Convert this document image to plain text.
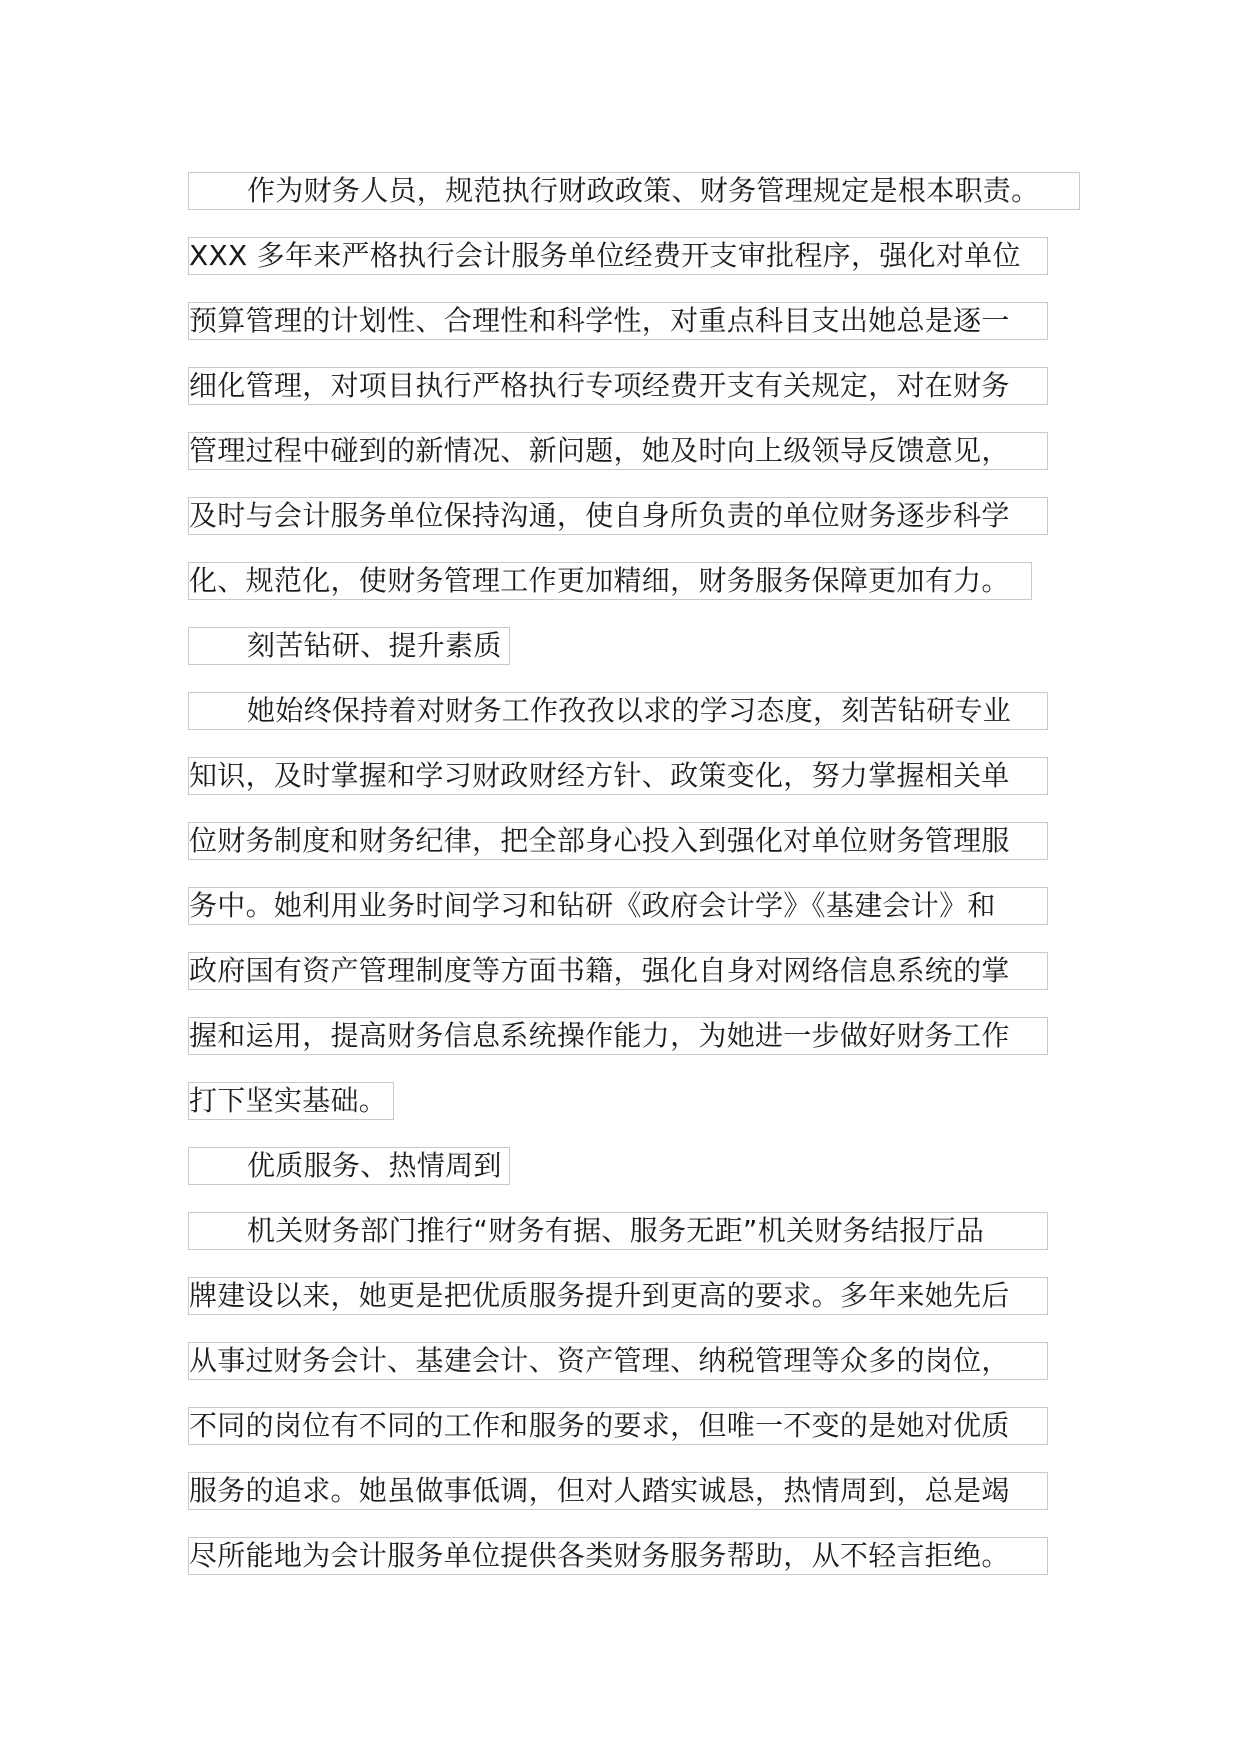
作为财务人员，规范执行财政政策、财务管理规定是根本职责。
XXX 多年来严格执行会计服务单位经费开支审批程序，强化对单位
预算管理的计划性、合理性和科学性，对重点科目支出她总是逐一
细化管理，对项目执行严格执行专项经费开支有关规定，对在财务
管理过程中碰到的新情况、新问题，她及时向上级领导反馈意见，
及时与会计服务单位保持沟通，使自身所负责的单位财务逐步科学
化、规范化，使财务管理工作更加精细，财务服务保障更加有力。
刻苦钻研、提升素质
她始终保持着对财务工作孜孜以求的学习态度，刻苦钻研专业
知识，及时掌握和学习财政财经方针、政策变化，努力掌握相关单
位财务制度和财务纪律，把全部身心投入到强化对单位财务管理服
务中。她利用业务时间学习和钻研《政府会计学》《基建会计》和
政府国有资产管理制度等方面书籍，强化自身对网络信息系统的掌
握和运用，提高财务信息系统操作能力，为她进一步做好财务工作
打下坚实基础。
优质服务、热情周到
机关财务部门推行“财务有据、服务无距”机关财务结报厅品
牌建设以来，她更是把优质服务提升到更高的要求。多年来她先后
从事过财务会计、基建会计、资产管理、纳税管理等众多的岗位，
不同的岗位有不同的工作和服务的要求，但唯一不变的是她对优质
服务的追求。她虽做事低调，但对人踏实诚恳，热情周到，总是竭
尽所能地为会计服务单位提供各类财务服务帮助，从不轻言拒绝。
